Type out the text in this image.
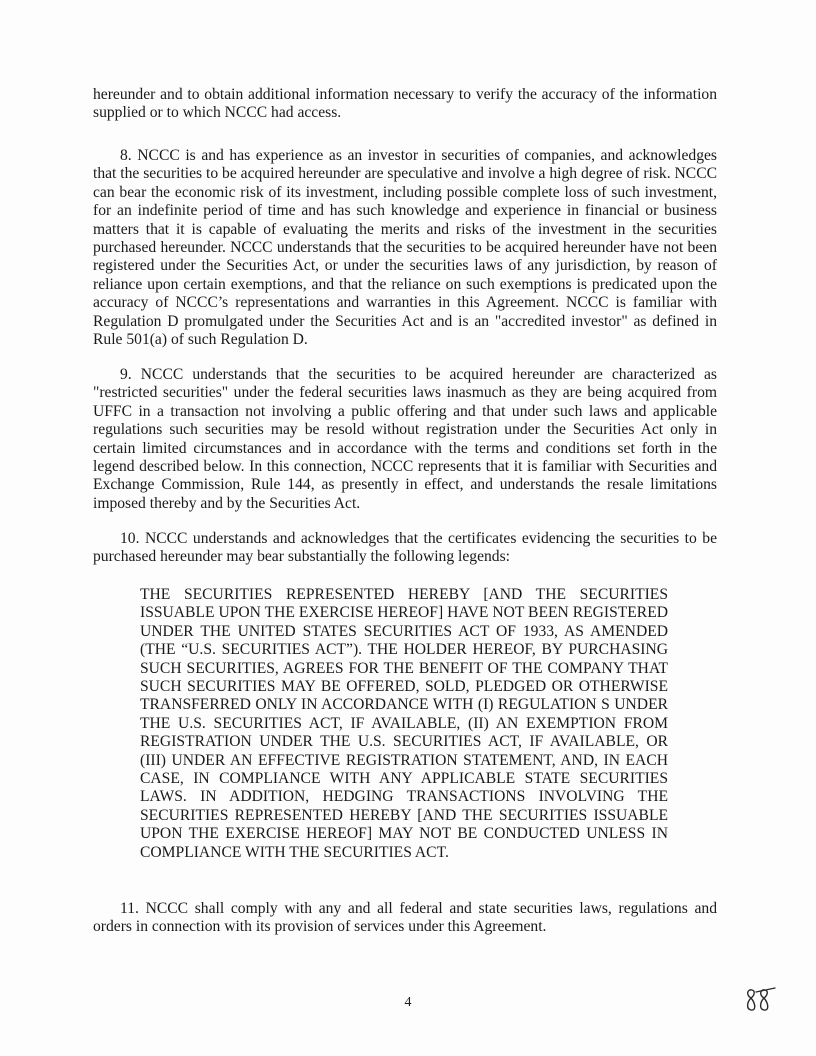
hereunder and to obtain additional information necessary to verify the accuracy of the information supplied or to which NCCC had access.

8. NCCC is and has experience as an investor in securities of companies, and acknowledges that the securities to be acquired hereunder are speculative and involve a high degree of risk. NCCC can bear the economic risk of its investment, including possible complete loss of such investment, for an indefinite period of time and has such knowledge and experience in financial or business matters that it is capable of evaluating the merits and risks of the investment in the securities purchased hereunder. NCCC understands that the securities to be acquired hereunder have not been registered under the Securities Act, or under the securities laws of any jurisdiction, by reason of reliance upon certain exemptions, and that the reliance on such exemptions is predicated upon the accuracy of NCCC’s representations and warranties in this Agreement. NCCC is familiar with Regulation D promulgated under the Securities Act and is an "accredited investor" as defined in Rule 501(a) of such Regulation D.

9. NCCC understands that the securities to be acquired hereunder are characterized as "restricted securities" under the federal securities laws inasmuch as they are being acquired from UFFC in a transaction not involving a public offering and that under such laws and applicable regulations such securities may be resold without registration under the Securities Act only in certain limited circumstances and in accordance with the terms and conditions set forth in the legend described below. In this connection, NCCC represents that it is familiar with Securities and Exchange Commission, Rule 144, as presently in effect, and understands the resale limitations imposed thereby and by the Securities Act.

10. NCCC understands and acknowledges that the certificates evidencing the securities to be purchased hereunder may bear substantially the following legends:

THE SECURITIES REPRESENTED HEREBY [AND THE SECURITIES ISSUABLE UPON THE EXERCISE HEREOF] HAVE NOT BEEN REGISTERED UNDER THE UNITED STATES SECURITIES ACT OF 1933, AS AMENDED (THE “U.S. SECURITIES ACT”). THE HOLDER HEREOF, BY PURCHASING SUCH SECURITIES, AGREES FOR THE BENEFIT OF THE COMPANY THAT SUCH SECURITIES MAY BE OFFERED, SOLD, PLEDGED OR OTHERWISE TRANSFERRED ONLY IN ACCORDANCE WITH (I) REGULATION S UNDER THE U.S. SECURITIES ACT, IF AVAILABLE, (II) AN EXEMPTION FROM REGISTRATION UNDER THE U.S. SECURITIES ACT, IF AVAILABLE, OR (III) UNDER AN EFFECTIVE REGISTRATION STATEMENT, AND, IN EACH CASE, IN COMPLIANCE WITH ANY APPLICABLE STATE SECURITIES LAWS. IN ADDITION, HEDGING TRANSACTIONS INVOLVING THE SECURITIES REPRESENTED HEREBY [AND THE SECURITIES ISSUABLE UPON THE EXERCISE HEREOF] MAY NOT BE CONDUCTED UNLESS IN COMPLIANCE WITH THE SECURITIES ACT.

11. NCCC shall comply with any and all federal and state securities laws, regulations and orders in connection with its provision of services under this Agreement.

4
